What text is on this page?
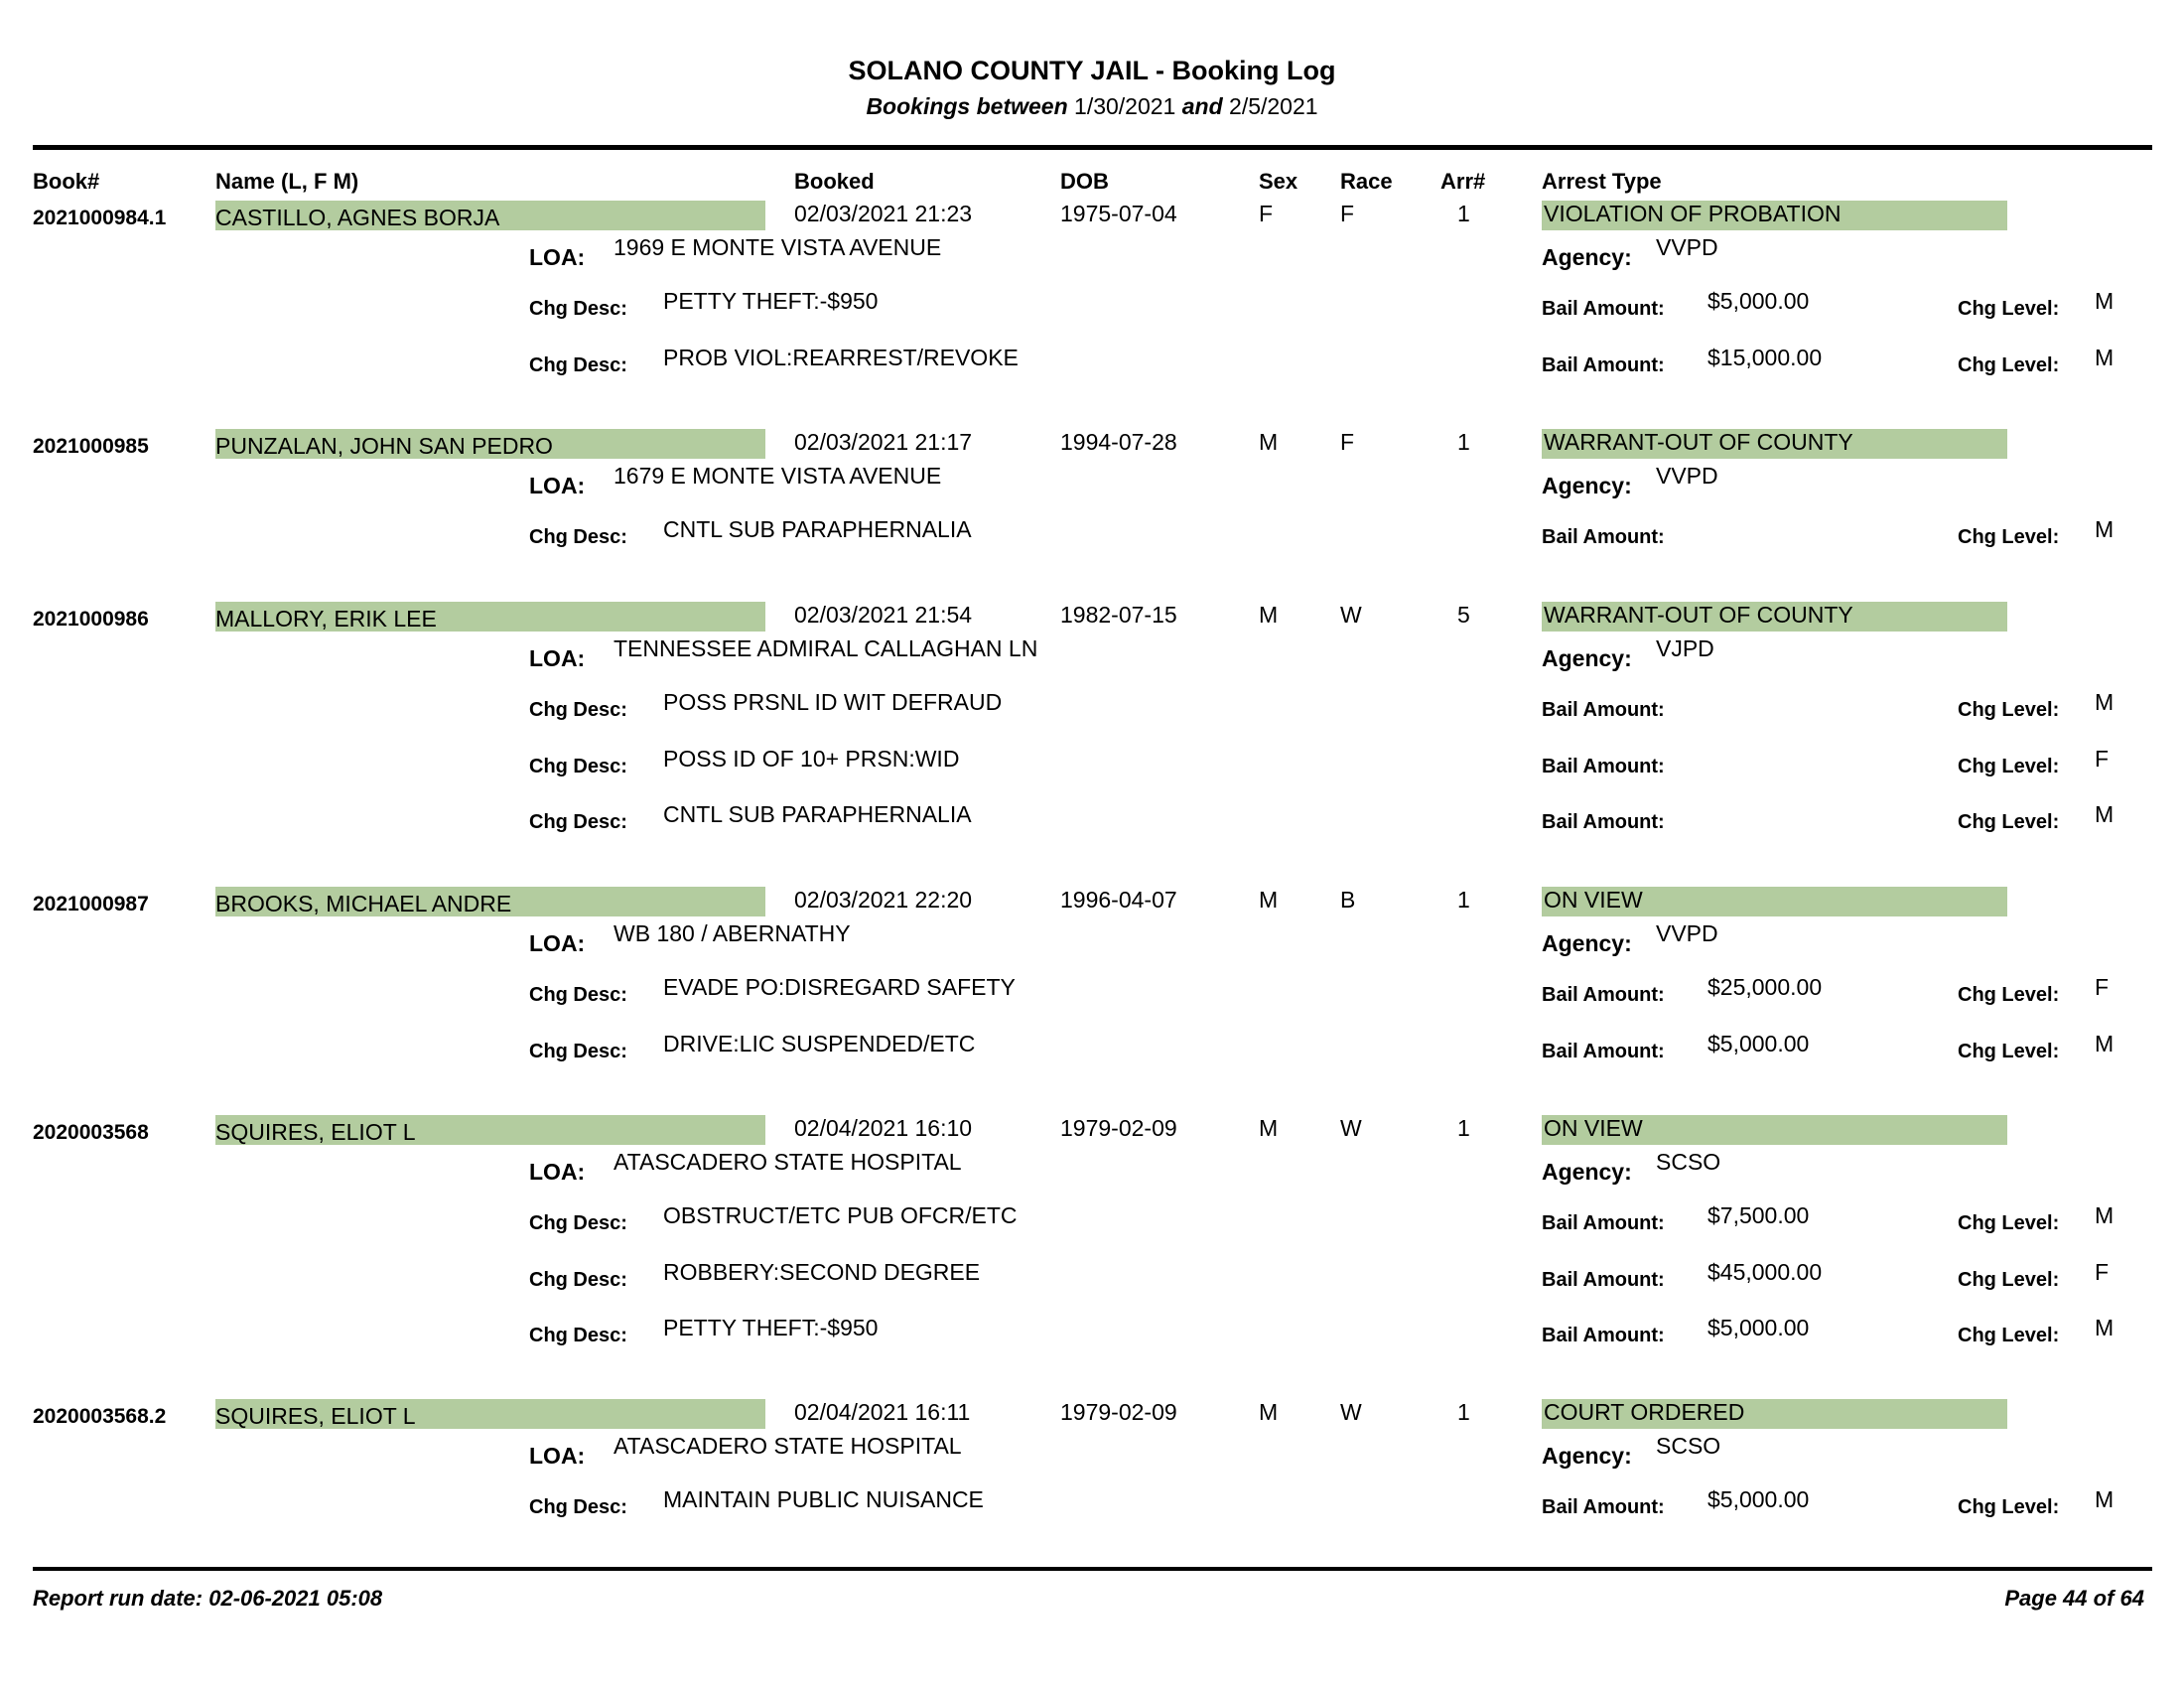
SOLANO COUNTY JAIL - Booking Log
Bookings between 1/30/2021 and 2/5/2021
Book#	Name (L, F M)	Booked	DOB	Sex Race Arr#	Arrest Type
2021000984.1 CASTILLO, AGNES BORJA	02/03/2021 21:23	1975-07-04	F	F	1	VIOLATION OF PROBATION
LOA: 1969 E MONTE VISTA AVENUE	Agency: VVPD
Chg Desc: PETTY THEFT:-$950	Bail Amount: $5,000.00	Chg Level: M
Chg Desc: PROB VIOL:REARREST/REVOKE	Bail Amount: $15,000.00	Chg Level: M
2021000985	PUNZALAN, JOHN SAN PEDRO	02/03/2021 21:17	1994-07-28	M	F	1	WARRANT-OUT OF COUNTY
LOA: 1679 E MONTE VISTA AVENUE	Agency: VVPD
Chg Desc: CNTL SUB PARAPHERNALIA	Bail Amount:	Chg Level: M
2021000986	MALLORY, ERIK LEE	02/03/2021 21:54	1982-07-15	M	W	5	WARRANT-OUT OF COUNTY
LOA: TENNESSEE ADMIRAL CALLAGHAN LN	Agency: VJPD
Chg Desc: POSS PRSNL ID WIT DEFRAUD	Bail Amount:	Chg Level: M
Chg Desc: POSS ID OF 10+ PRSN:WID	Bail Amount:	Chg Level: F
Chg Desc: CNTL SUB PARAPHERNALIA	Bail Amount:	Chg Level: M
2021000987	BROOKS, MICHAEL ANDRE	02/03/2021 22:20	1996-04-07	M	B	1	ON VIEW
LOA: WB 180 / ABERNATHY	Agency: VVPD
Chg Desc: EVADE PO:DISREGARD SAFETY	Bail Amount: $25,000.00	Chg Level: F
Chg Desc: DRIVE:LIC SUSPENDED/ETC	Bail Amount: $5,000.00	Chg Level: M
2020003568	SQUIRES, ELIOT L	02/04/2021 16:10	1979-02-09	M	W	1	ON VIEW
LOA: ATASCADERO STATE HOSPITAL	Agency: SCSO
Chg Desc: OBSTRUCT/ETC PUB OFCR/ETC	Bail Amount: $7,500.00	Chg Level: M
Chg Desc: ROBBERY:SECOND DEGREE	Bail Amount: $45,000.00	Chg Level: F
Chg Desc: PETTY THEFT:-$950	Bail Amount: $5,000.00	Chg Level: M
2020003568.2 SQUIRES, ELIOT L	02/04/2021 16:11	1979-02-09	M	W	1	COURT ORDERED
LOA: ATASCADERO STATE HOSPITAL	Agency: SCSO
Chg Desc: MAINTAIN PUBLIC NUISANCE	Bail Amount: $5,000.00	Chg Level: M
Report run date: 02-06-2021 05:08	Page 44 of 64
